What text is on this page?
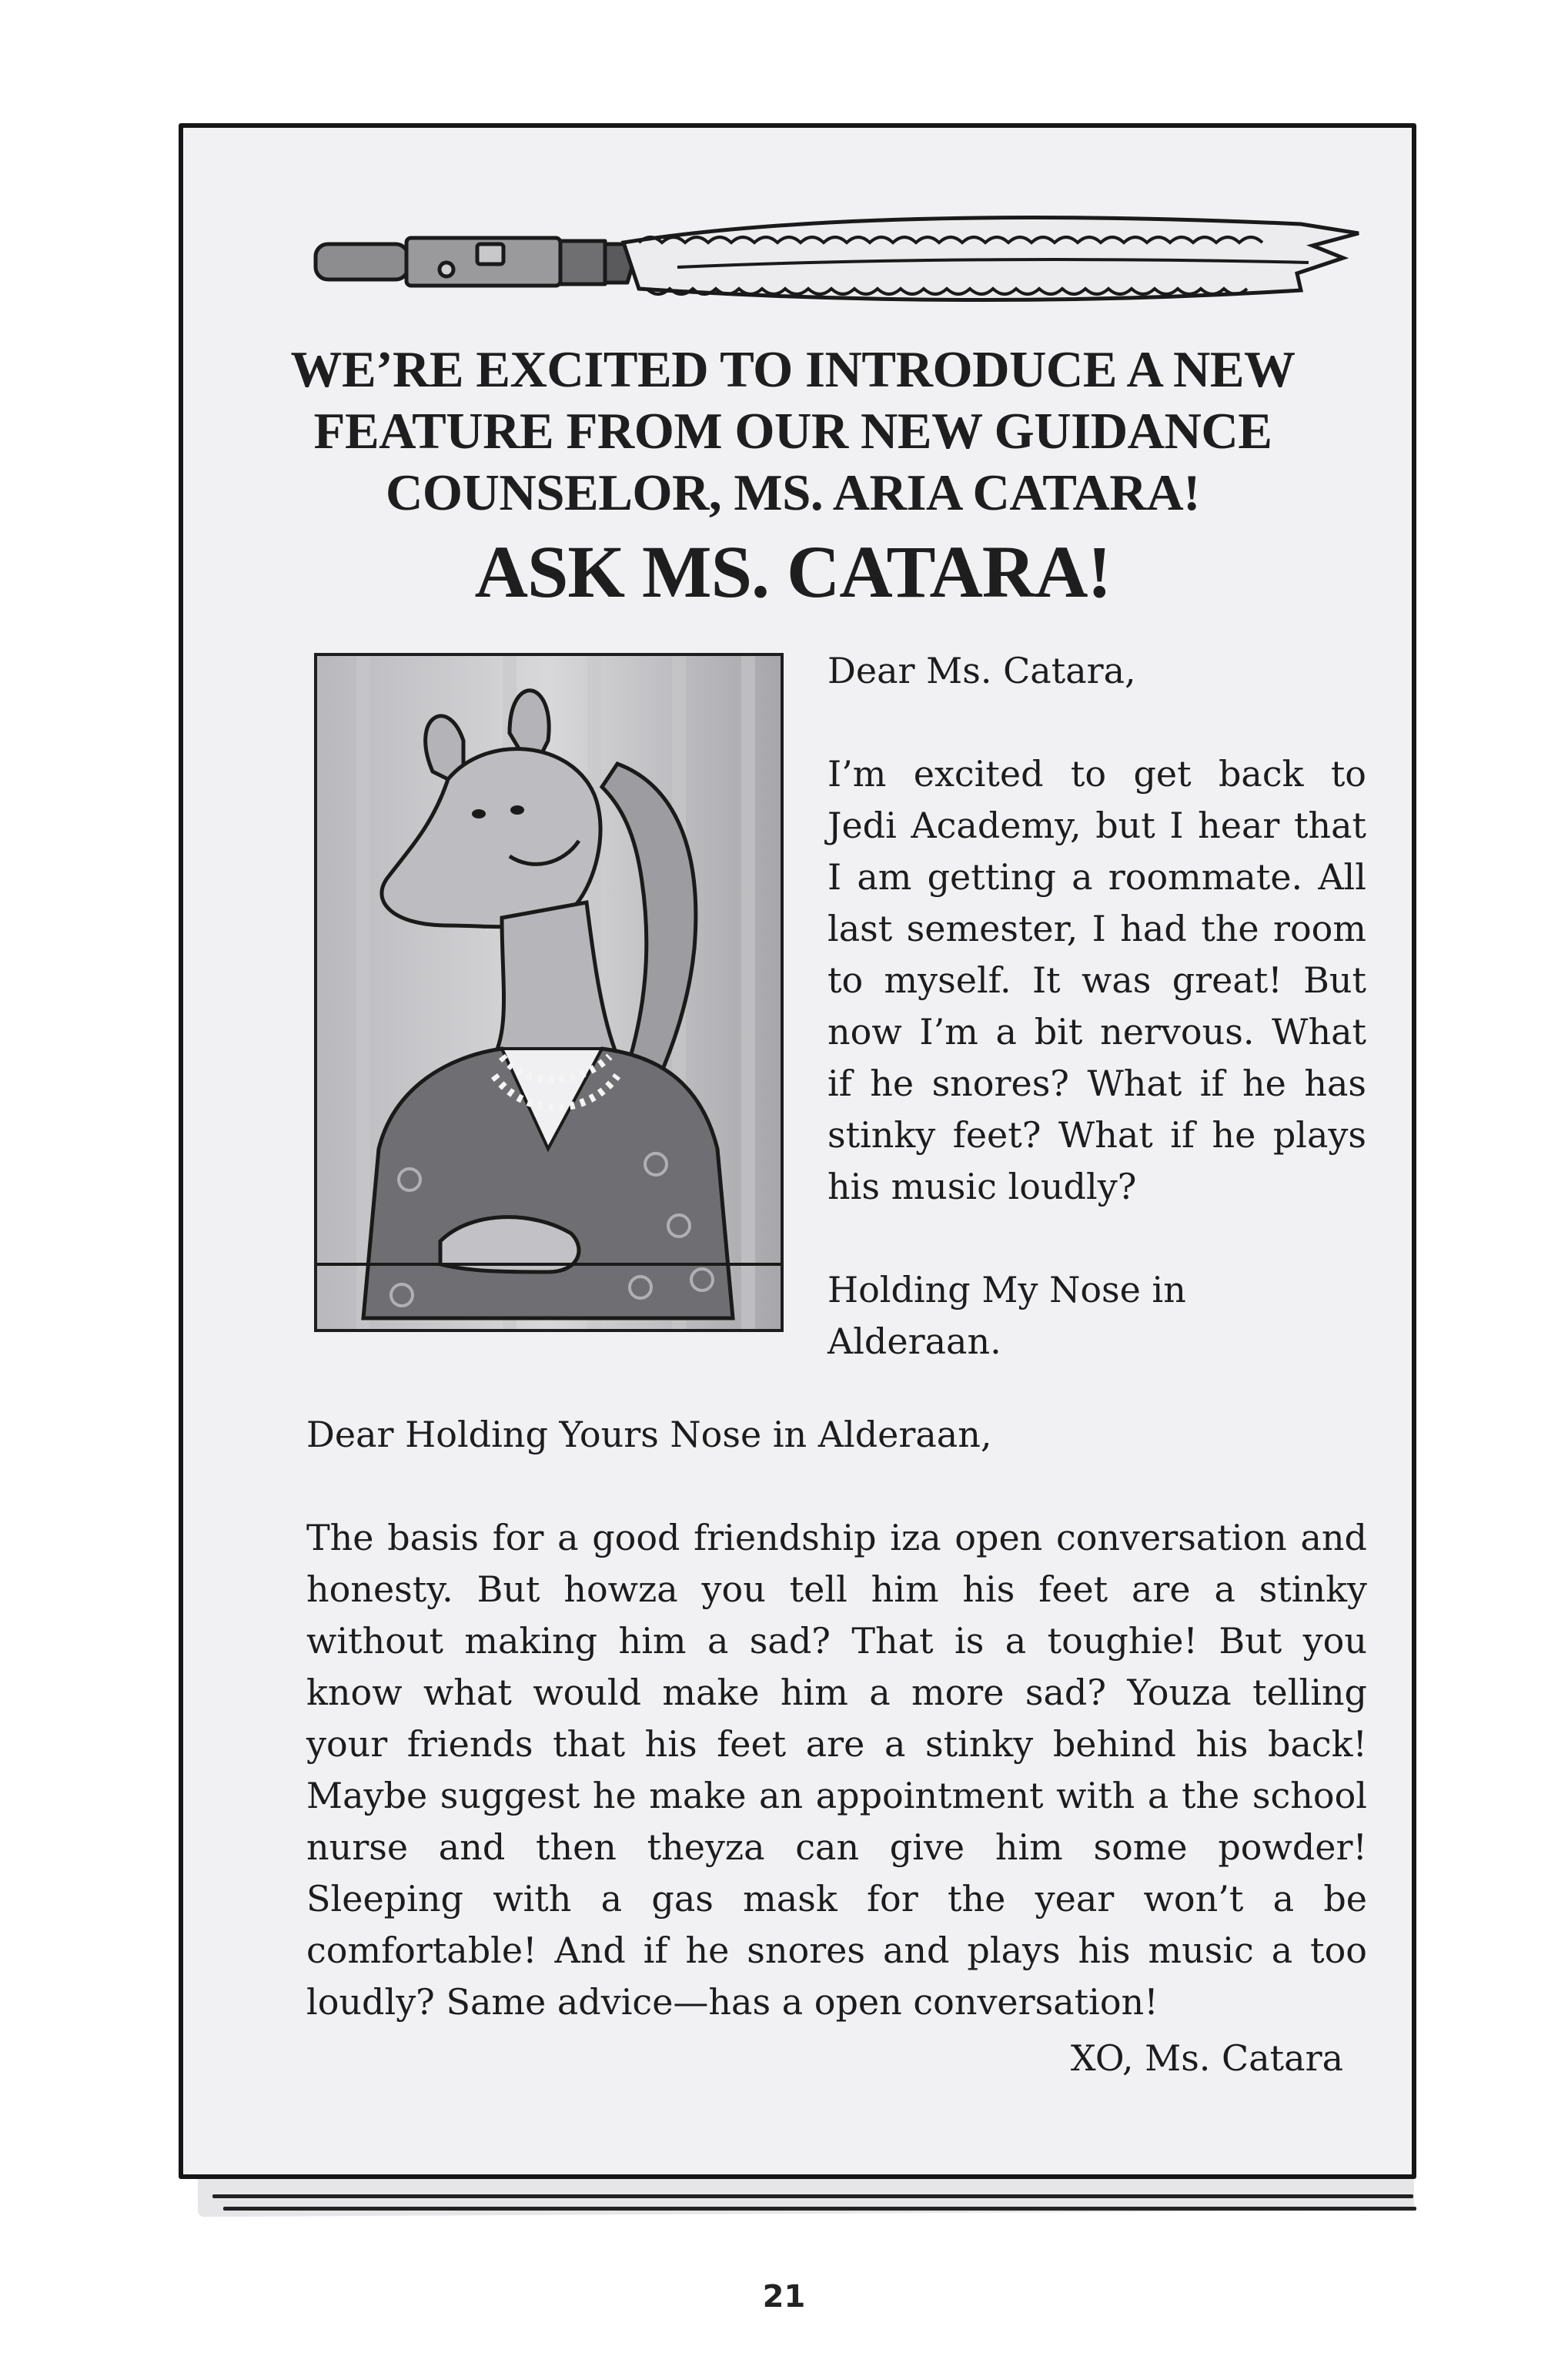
WE’RE EXCITED TO INTRODUCE A NEW
FEATURE FROM OUR NEW GUIDANCE
COUNSELOR, MS. ARIA CATARA!
ASK MS. CATARA!

Dear Ms. Catara,

I’m excited to get back to Jedi Academy, but I hear that I am getting a roommate. All last semester, I had the room to myself. It was great! But now I’m a bit nervous. What if he snores? What if he has stinky feet? What if he plays his music loudly?

Holding My Nose in Alderaan.

Dear Holding Yours Nose in Alderaan,

The basis for a good friendship iza open conversation and honesty. But howza you tell him his feet are a stinky without making him a sad? That is a toughie! But you know what would make him a more sad? Youza telling your friends that his feet are a stinky behind his back! Maybe suggest he make an appointment with a the school nurse and then theyza can give him some powder! Sleeping with a gas mask for the year won’t a be comfortable! And if he snores and plays his music a too loudly? Same advice—has a open conversation!

XO, Ms. Catara
21
